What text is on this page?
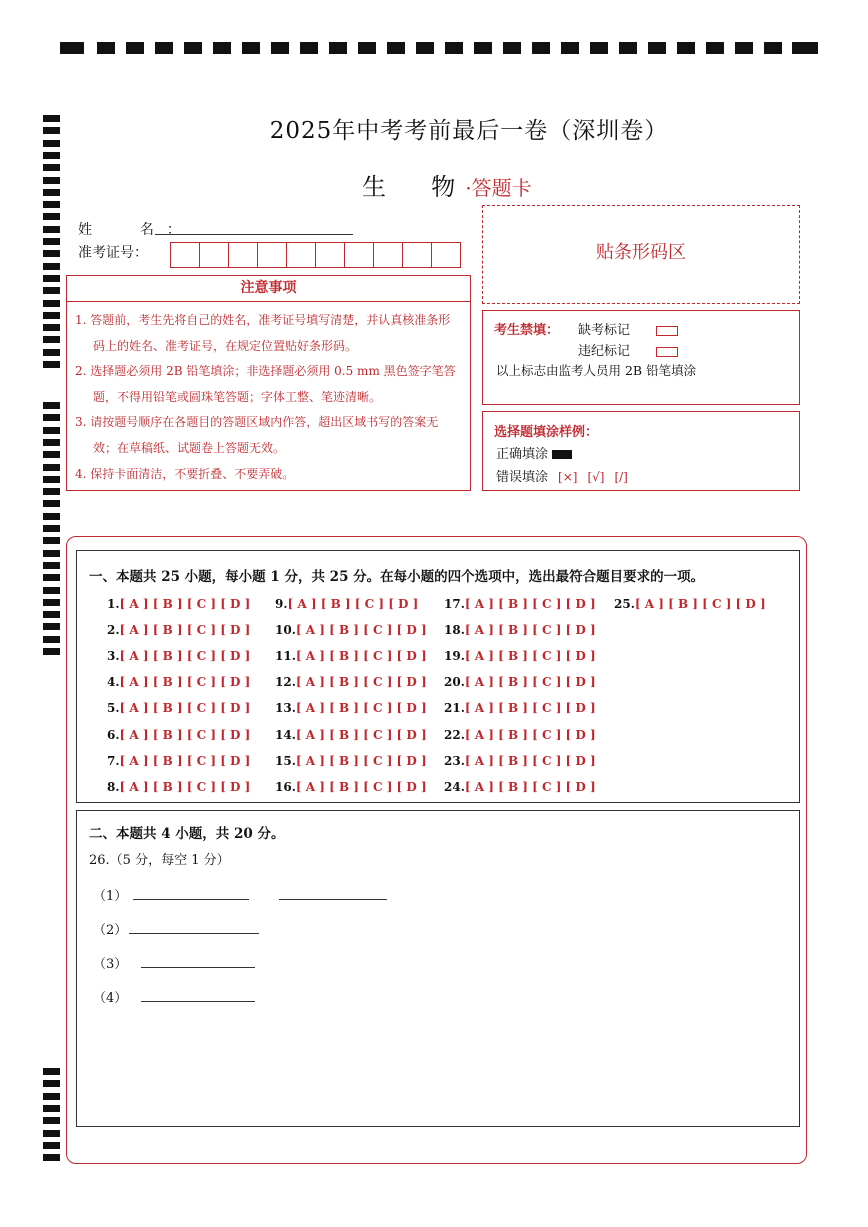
2025年中考考前最后一卷（深圳卷）
生  物·答题卡
姓  名：
准考证号：
注意事项
1. 答题前，考生先将自己的姓名，准考证号填写清楚，并认真核准条形码上的姓名、准考证号，在规定位置贴好条形码。
2. 选择题必须用 2B 铅笔填涂；非选择题必须用 0.5 mm 黑色签字笔答题，不得用铅笔或圆珠笔答题；字体工整、笔迹清晰。
3. 请按题号顺序在各题目的答题区域内作答，超出区域书写的答案无效；在草稿纸、试题卷上答题无效。
4. 保持卡面清洁，不要折叠、不要弄破。
贴条形码区
考生禁填： 缺考标记
违纪标记
以上标志由监考人员用 2B 铅笔填涂
选择题填涂样例：
正确填涂
错误填涂 [×] [√] [/]
一、本题共 25 小题，每小题 1 分，共 25 分。在每小题的四个选项中，选出最符合题目要求的一项。
1.[ A ] [ B ] [ C ] [ D ]
2.[ A ] [ B ] [ C ] [ D ]
3.[ A ] [ B ] [ C ] [ D ]
4.[ A ] [ B ] [ C ] [ D ]
5.[ A ] [ B ] [ C ] [ D ]
6.[ A ] [ B ] [ C ] [ D ]
7.[ A ] [ B ] [ C ] [ D ]
8.[ A ] [ B ] [ C ] [ D ]
9.[ A ] [ B ] [ C ] [ D ]
10.[ A ] [ B ] [ C ] [ D ]
11.[ A ] [ B ] [ C ] [ D ]
12.[ A ] [ B ] [ C ] [ D ]
13.[ A ] [ B ] [ C ] [ D ]
14.[ A ] [ B ] [ C ] [ D ]
15.[ A ] [ B ] [ C ] [ D ]
16.[ A ] [ B ] [ C ] [ D ]
17.[ A ] [ B ] [ C ] [ D ]
18.[ A ] [ B ] [ C ] [ D ]
19.[ A ] [ B ] [ C ] [ D ]
20.[ A ] [ B ] [ C ] [ D ]
21.[ A ] [ B ] [ C ] [ D ]
22.[ A ] [ B ] [ C ] [ D ]
23.[ A ] [ B ] [ C ] [ D ]
24.[ A ] [ B ] [ C ] [ D ]
25.[ A ] [ B ] [ C ] [ D ]
二、本题共 4 小题，共 20 分。
26.（5 分，每空 1 分）
（1）
（2）
（3）
（4）
